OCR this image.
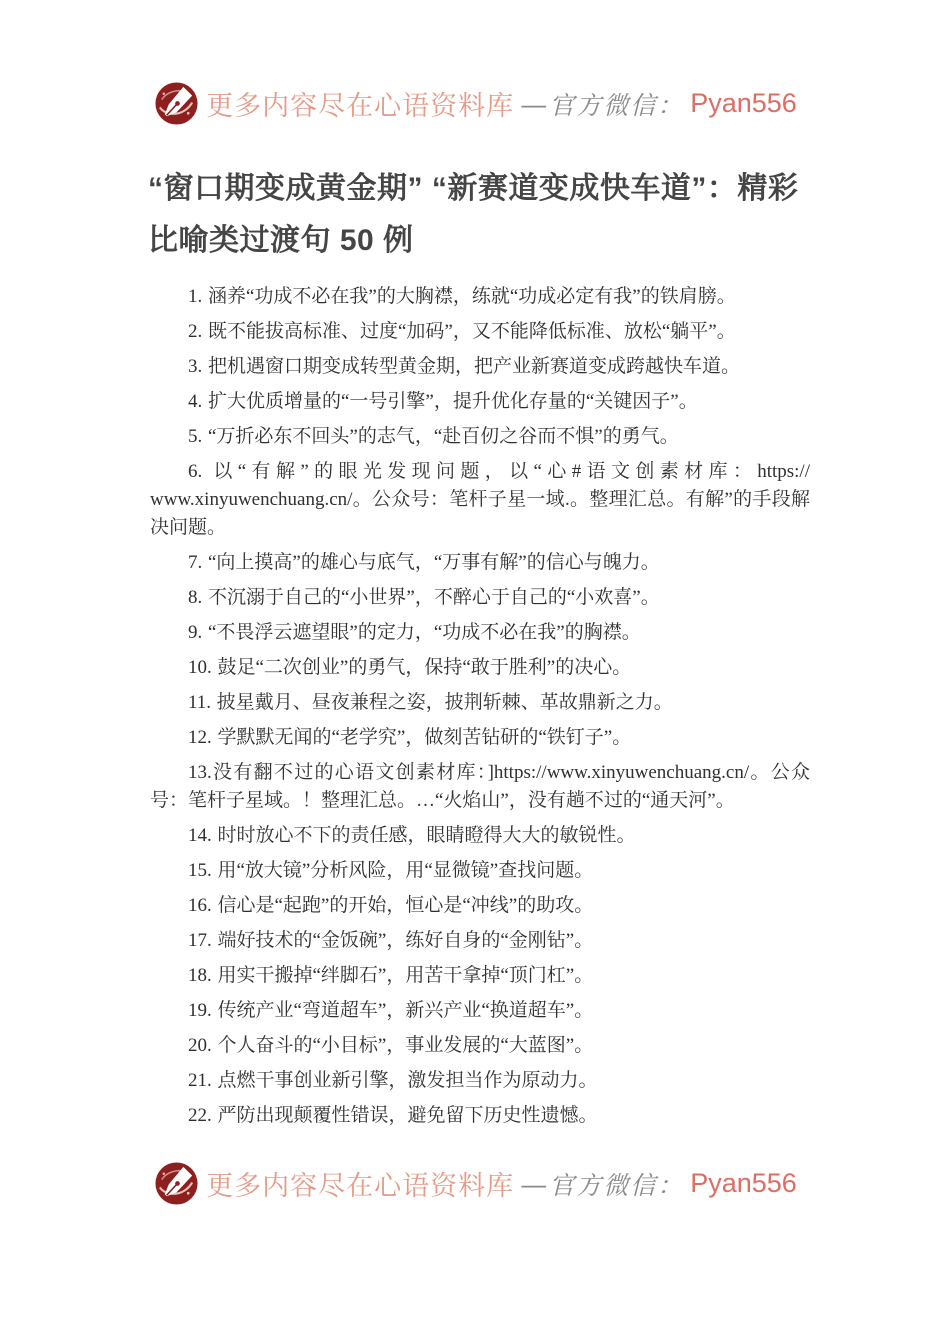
更多内容尽在心语资料库 —官方微信： Pyan556
“窗口期变成黄金期” “新赛道变成快车道”：精彩比喻类过渡句 50 例

1. 涵养“功成不必在我”的大胸襟，练就“功成必定有我”的铁肩膀。

2. 既不能拔高标准、过度“加码”，又不能降低标准、放松“躺平”。

3. 把机遇窗口期变成转型黄金期，把产业新赛道变成跨越快车道。

4. 扩大优质增量的“一号引擎”，提升优化存量的“关键因子”。

5. “万折必东不回头”的志气，“赴百仞之谷而不惧”的勇气。

6. 以“有解”的眼光发现问题，以“心#语文创素材库：https://​www.xinyuwenchuang.cn/。公众号：笔杆子星一域.。整理汇总。有解”的手段解决问题。

7. “向上摸高”的雄心与底气，“万事有解”的信心与魄力。

8. 不沉溺于自己的“小世界”，不醉心于自己的“小欢喜”。

9. “不畏浮云遮望眼”的定力，“功成不必在我”的胸襟。

10. 鼓足“二次创业”的勇气，保持“敢于胜利”的决心。

11. 披星戴月、昼夜兼程之姿，披荆斩棘、革故鼎新之力。

12. 学默默无闻的“老学究”，做刻苦钻研的“铁钉子”。

13.没有翻不过的心语文创素材库：]https://www.xinyuwenchuang.cn/。公众号：笔杆子星域。！整理汇总。…“火焰山”，没有趟不过的“通天河”。

14. 时时放心不下的责任感，眼睛瞪得大大的敏锐性。

15. 用“放大镜”分析风险，用“显微镜”查找问题。

16. 信心是“起跑”的开始，恒心是“冲线”的助攻。

17. 端好技术的“金饭碗”，练好自身的“金刚钻”。

18. 用实干搬掉“绊脚石”，用苦干拿掉“顶门杠”。

19. 传统产业“弯道超车”，新兴产业“换道超车”。

20. 个人奋斗的“小目标”，事业发展的“大蓝图”。

21. 点燃干事创业新引擎，激发担当作为原动力。

22. 严防出现颠覆性错误，避免留下历史性遗憾。

更多内容尽在心语资料库 —官方微信： Pyan556
